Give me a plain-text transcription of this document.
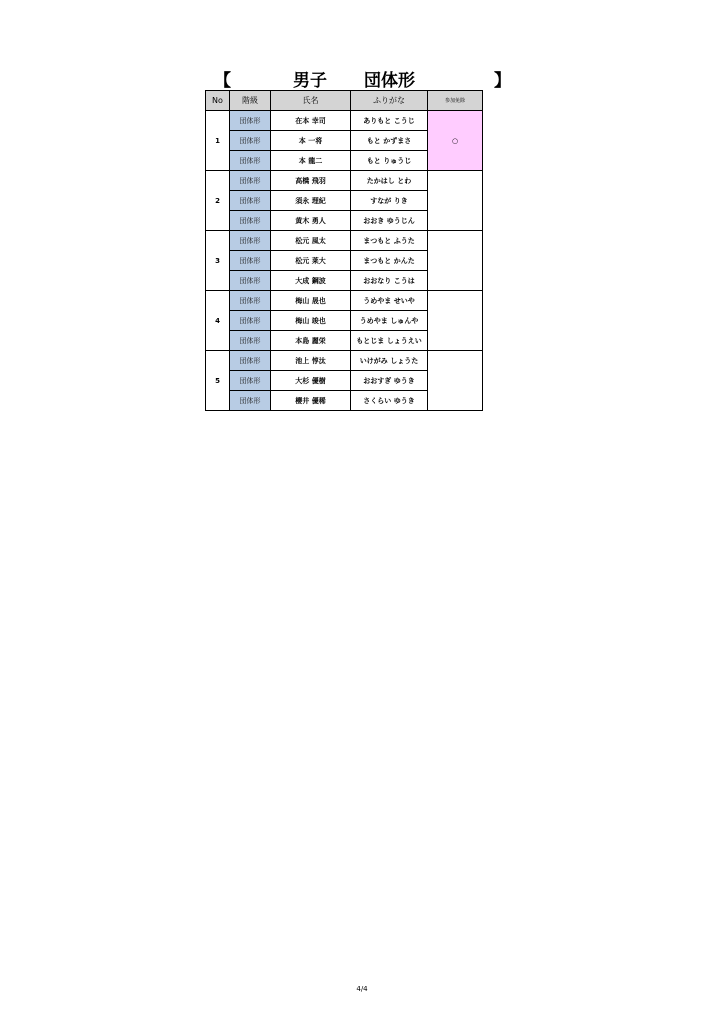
【	男子 団体形	】
No	階級	氏名	ふりがな	参加免除
1	団体形	在本 幸司	ありもと こうじ	○
	団体形	本 一将	もと かずまさ	
	団体形	本 龍二	もと りゅうじ	
2	団体形	高橋 飛羽	たかはし とわ	
	団体形	須永 理紀	すなが りき	
	団体形	黄木 勇人	おおき ゆうじん	
3	団体形	松元 風太	まつもと ふうた	
	団体形	松元 莱大	まつもと かんた	
	団体形	大成 鋼波	おおなり こうは	
4	団体形	梅山 晟也	うめやま せいや	
	団体形	梅山 竣也	うめやま しゅんや	
	団体形	本島 麗栄	もとじま しょうえい	
5	団体形	池上 惇汰	いけがみ しょうた	
	団体形	大杉 優樹	おおすぎ ゆうき	
	団体形	櫻井 優稀	さくらい ゆうき	
4/4
